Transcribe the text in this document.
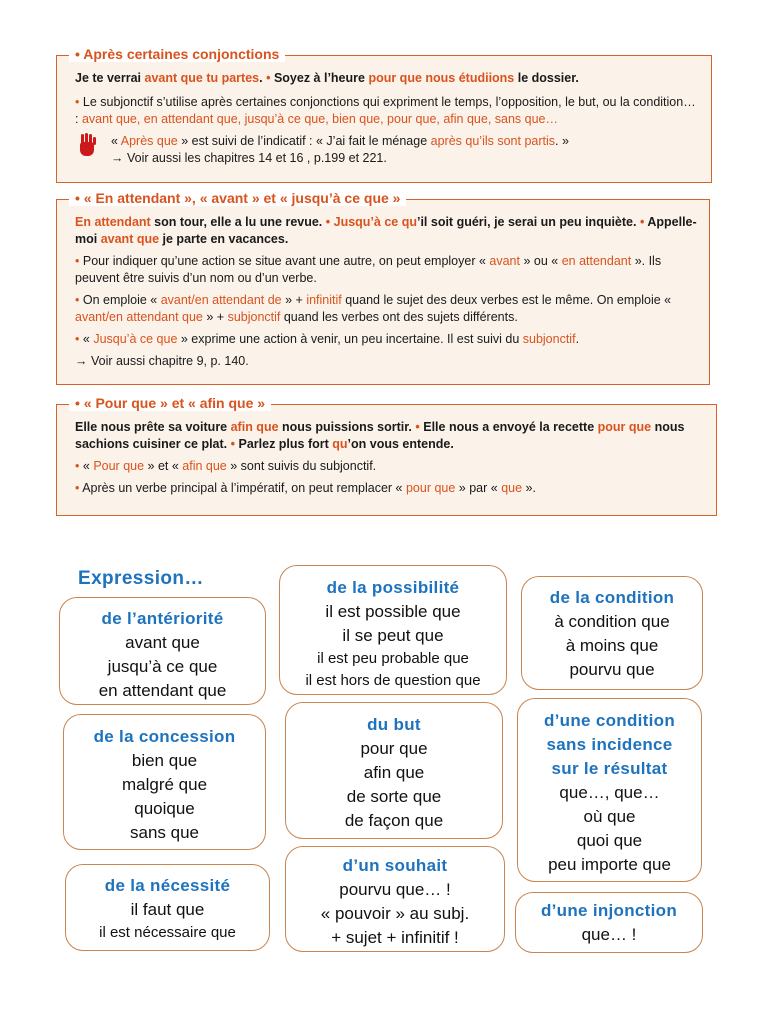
• Après certaines conjonctions

Je te verrai avant que tu partes. • Soyez à l’heure pour que nous étudiions le dossier.

• Le subjonctif s’utilise après certaines conjonctions qui expriment le temps, l’opposition, le but, ou la condition… : avant que, en attendant que, jusqu’à ce que, bien que, pour que, afin que, sans que…

« Après que » est suivi de l’indicatif : « J’ai fait le ménage après qu’ils sont partis. »
→ Voir aussi les chapitres 14 et 16 , p.199 et 221.
• « En attendant », « avant » et « jusqu’à ce que »

En attendant son tour, elle a lu une revue. • Jusqu’à ce qu’il soit guéri, je serai un peu inquiète. • Appelle-moi avant que je parte en vacances.

• Pour indiquer qu’une action se situe avant une autre, on peut employer « avant » ou « en attendant ». Ils peuvent être suivis d’un nom ou d’un verbe.

• On emploie « avant/en attendant de » + infinitif quand le sujet des deux verbes est le même. On emploie « avant/en attendant que » + subjonctif quand les verbes ont des sujets différents.

• « Jusqu’à ce que » exprime une action à venir, un peu incertaine. Il est suivi du subjonctif.

→ Voir aussi chapitre 9, p. 140.

• « Pour que » et « afin que »

Elle nous prête sa voiture afin que nous puissions sortir. • Elle nous a envoyé la recette pour que nous sachions cuisiner ce plat. • Parlez plus fort qu’on vous entende.

• « Pour que » et « afin que » sont suivis du subjonctif.

• Après un verbe principal à l’impératif, on peut remplacer « pour que » par « que ».

Expression…
de l’antériorité
avant que
jusqu’à ce que
en attendant que
de la possibilité
il est possible que
il se peut que
il est peu probable que
il est hors de question que
de la condition
à condition que
à moins que
pourvu que
de la concession
bien que
malgré que
quoique
sans que
du but
pour que
afin que
de sorte que
de façon que
d’une condition
sans incidence
sur le résultat
que…, que…
où que
quoi que
peu importe que
de la nécessité
il faut que
il est nécessaire que
d’un souhait
pourvu que… !
« pouvoir » au subj.
+ sujet + infinitif !
d’une injonction
que… !
